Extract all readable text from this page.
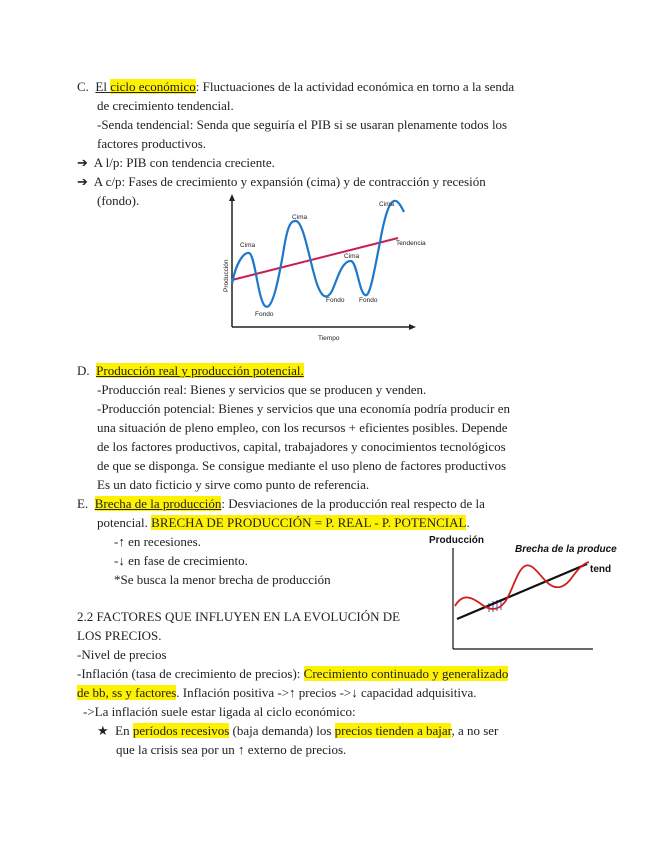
C. El ciclo económico: Fluctuaciones de la actividad económica en torno a la senda
de crecimiento tendencial.
-Senda tendencial: Senda que seguiría el PIB si se usaran plenamente todos los
factores productivos.
➔ A l/p: PIB con tendencia creciente.
➔ A c/p: Fases de crecimiento y expansión (cima) y de contracción y recesión
(fondo).
Cima
Cima
Cima
Cima
Fondo
Fondo Fondo
Tendencia
Producción
Tiempo
D. Producción real y producción potencial.
-Producción real: Bienes y servicios que se producen y venden.
-Producción potencial: Bienes y servicios que una economía podría producir en
una situación de pleno empleo, con los recursos + eficientes posibles. Depende
de los factores productivos, capital, trabajadores y conocimientos tecnológicos
de que se disponga. Se consigue mediante el uso pleno de factores productivos
Es un dato ficticio y sirve como punto de referencia.
E. Brecha de la producción: Desviaciones de la producción real respecto de la
potencial. BRECHA DE PRODUCCIÓN = P. REAL - P. POTENCIAL.
-↑ en recesiones.
-↓ en fase de crecimiento.
*Se busca la menor brecha de producción
Producción
Brecha de la produce
tend
2.2 FACTORES QUE INFLUYEN EN LA EVOLUCIÓN DE
LOS PRECIOS.
-Nivel de precios
-Inflación (tasa de crecimiento de precios): Crecimiento continuado y generalizado
de bb, ss y factores. Inflación positiva ->↑ precios ->↓ capacidad adquisitiva.
->La inflación suele estar ligada al ciclo económico:
★ En períodos recesivos (baja demanda) los precios tienden a bajar, a no ser
que la crisis sea por un ↑ externo de precios.
